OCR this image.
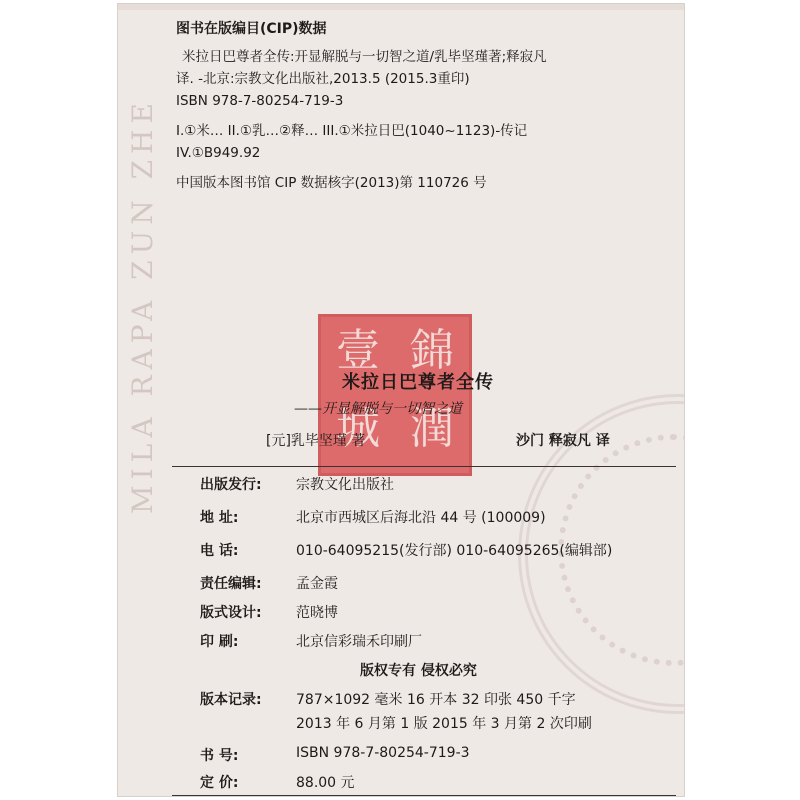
MILA RAPA ZUN ZHE
图书在版编目(CIP)数据
米拉日巴尊者全传:开显解脱与一切智之道/乳毕坚瑾著;释寂凡
译. -北京:宗教文化出版社,2013.5 (2015.3重印)
ISBN 978-7-80254-719-3
I.①米… II.①乳…②释… III.①米拉日巴(1040~1123)-传记
IV.①B949.92
中国版本图书馆 CIP 数据核字(2013)第 110726 号
壹 錦
城 潤
米拉日巴尊者全传
——开显解脱与一切智之道
[元]乳毕坚瑾 著	沙门 释寂凡 译
出版发行:	宗教文化出版社
地 址:	北京市西城区后海北沿 44 号 (100009)
电 话:	010-64095215(发行部) 010-64095265(编辑部)
责任编辑:	孟金霞
版式设计:	范晓博
印 刷:	北京信彩瑞禾印刷厂
版权专有 侵权必究
版本记录:	787×1092 毫米 16 开本 32 印张 450 千字
2013 年 6 月第 1 版 2015 年 3 月第 2 次印刷
书 号:	ISBN 978-7-80254-719-3
定 价:	88.00 元
